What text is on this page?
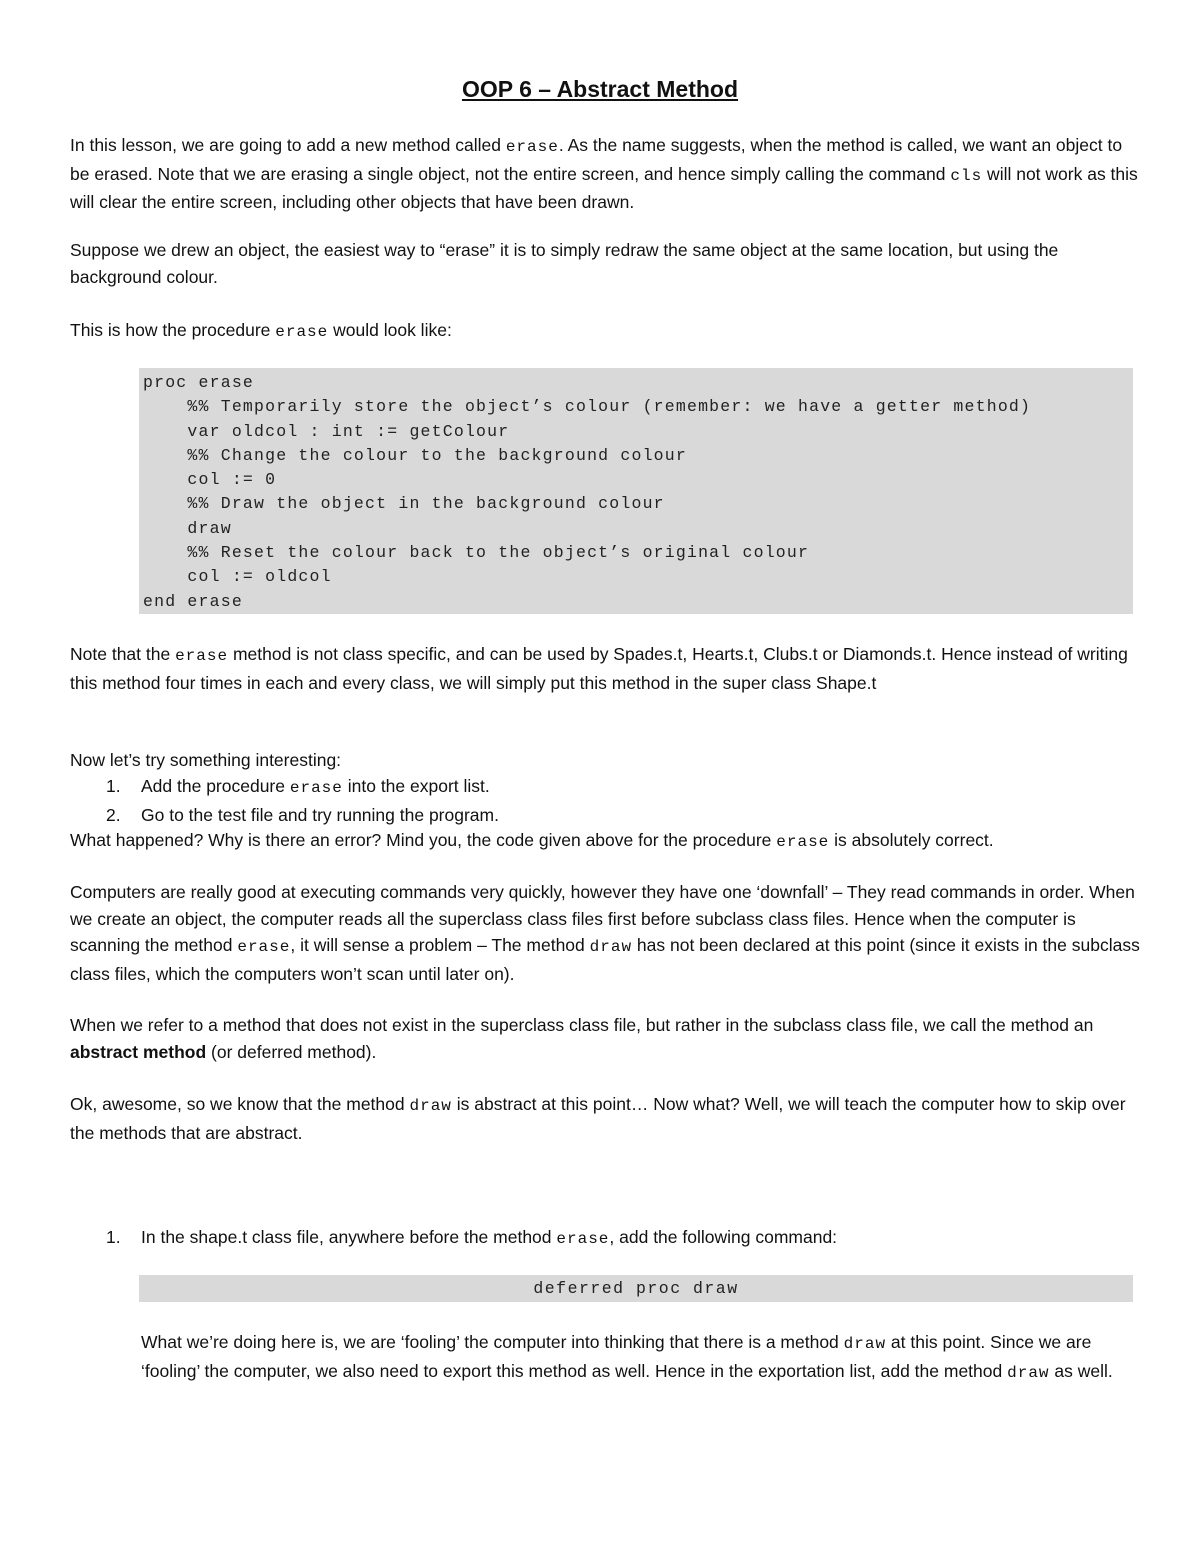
OOP 6 – Abstract Method

In this lesson, we are going to add a new method called erase. As the name suggests, when the method is called, we want an object to be erased. Note that we are erasing a single object, not the entire screen, and hence simply calling the command cls will not work as this will clear the entire screen, including other objects that have been drawn.

Suppose we drew an object, the easiest way to “erase” it is to simply redraw the same object at the same location, but using the background colour.

This is how the procedure erase would look like:

proc erase
%% Temporarily store the object’s colour (remember: we have a getter method)
var oldcol : int := getColour
%% Change the colour to the background colour
col := 0
%% Draw the object in the background colour
draw
%% Reset the colour back to the object’s original colour
col := oldcol
end erase

Note that the erase method is not class specific, and can be used by Spades.t, Hearts.t, Clubs.t or Diamonds.t. Hence instead of writing this method four times in each and every class, we will simply put this method in the super class Shape.t

Now let’s try something interesting:

1. Add the procedure erase into the export list.
2. Go to the test file and try running the program.

What happened? Why is there an error? Mind you, the code given above for the procedure erase is absolutely correct.

Computers are really good at executing commands very quickly, however they have one ‘downfall’ – They read commands in order. When we create an object, the computer reads all the superclass class files first before subclass class files. Hence when the computer is scanning the method erase, it will sense a problem – The method draw has not been declared at this point (since it exists in the subclass class files, which the computers won’t scan until later on).

When we refer to a method that does not exist in the superclass class file, but rather in the subclass class file, we call the method an abstract method (or deferred method).

Ok, awesome, so we know that the method draw is abstract at this point… Now what? Well, we will teach the computer how to skip over the methods that are abstract.

1. In the shape.t class file, anywhere before the method erase, add the following command:
deferred proc draw

What we’re doing here is, we are ‘fooling’ the computer into thinking that there is a method draw at this point. Since we are ‘fooling’ the computer, we also need to export this method as well. Hence in the exportation list, add the method draw as well.
